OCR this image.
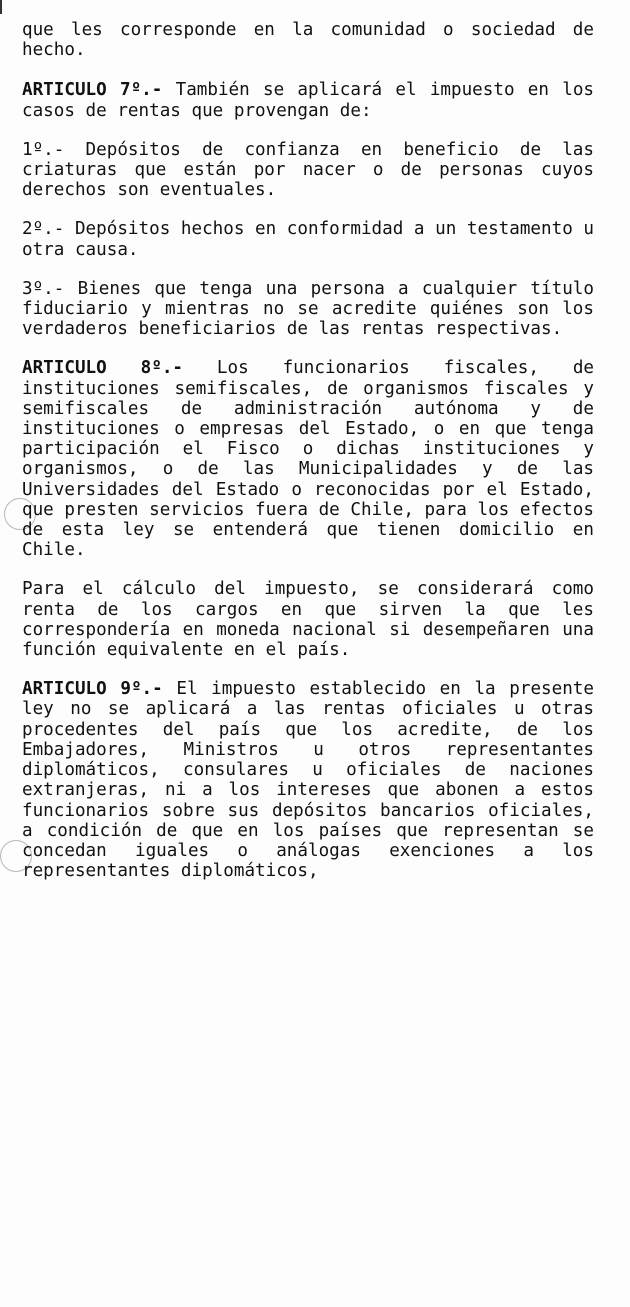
que les corresponde en la comunidad o sociedad de hecho.

ARTICULO 7º.- También se aplicará el impuesto en los casos de rentas que provengan de:

1º.- Depósitos de confianza en beneficio de las criaturas que están por nacer o de personas cuyos derechos son eventuales.

2º.- Depósitos hechos en conformidad a un testamento u otra causa.

3º.- Bienes que tenga una persona a cualquier título fiduciario y mientras no se acredite quiénes son los verdaderos beneficiarios de las rentas respectivas.

ARTICULO 8º.- Los funcionarios fiscales, de instituciones semifiscales, de organismos fiscales y semifiscales de administración autónoma y de instituciones o empresas del Estado, o en que tenga participación el Fisco o dichas instituciones y organismos, o de las Municipalidades y de las Universidades del Estado o reconocidas por el Estado, que presten servicios fuera de Chile, para los efectos de esta ley se entenderá que tienen domicilio en Chile.

Para el cálculo del impuesto, se considerará como renta de los cargos en que sirven la que les correspondería en moneda nacional si desempeñaren una función equivalente en el país.

ARTICULO 9º.- El impuesto establecido en la presente ley no se aplicará a las rentas oficiales u otras procedentes del país que los acredite, de los Embajadores, Ministros u otros representantes diplomáticos, consulares u oficiales de naciones extranjeras, ni a los intereses que abonen a estos funcionarios sobre sus depósitos bancarios oficiales, a condición de que en los países que representan se concedan iguales o análogas exenciones a los representantes diplomáticos,
